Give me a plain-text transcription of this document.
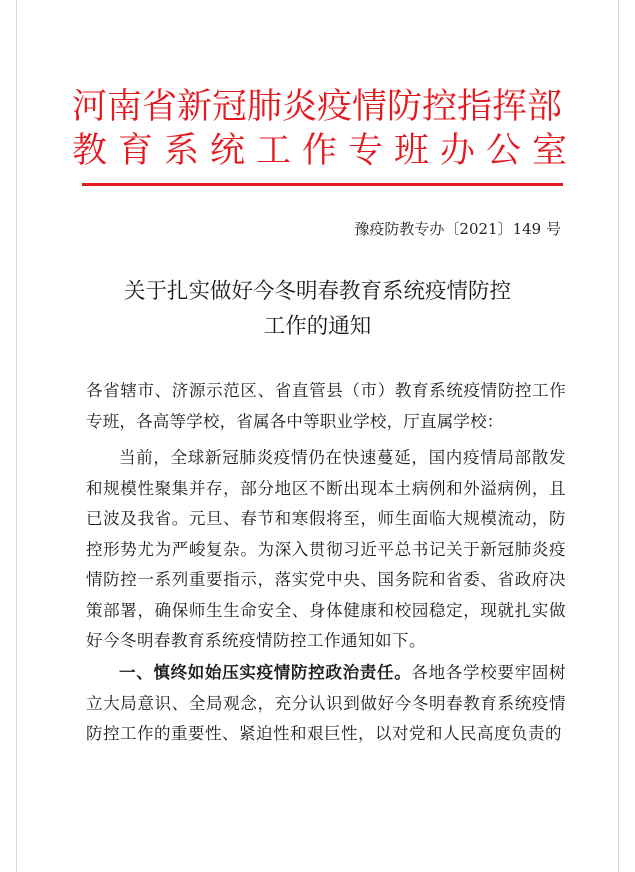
河南省新冠肺炎疫情防控指挥部
教育系统工作专班办公室
豫疫防教专办〔2021〕149 号
关于扎实做好今冬明春教育系统疫情防控
工作的通知
各省辖市、济源示范区、省直管县（市）教育系统疫情防控工作专班，各高等学校，省属各中等职业学校，厅直属学校：
当前，全球新冠肺炎疫情仍在快速蔓延，国内疫情局部散发和规模性聚集并存，部分地区不断出现本土病例和外溢病例，且已波及我省。元旦、春节和寒假将至，师生面临大规模流动，防控形势尤为严峻复杂。为深入贯彻习近平总书记关于新冠肺炎疫情防控一系列重要指示，落实党中央、国务院和省委、省政府决策部署，确保师生生命安全、身体健康和校园稳定，现就扎实做好今冬明春教育系统疫情防控工作通知如下。
一、慎终如始压实疫情防控政治责任。各地各学校要牢固树立大局意识、全局观念，充分认识到做好今冬明春教育系统疫情防控工作的重要性、紧迫性和艰巨性，以对党和人民高度负责的
